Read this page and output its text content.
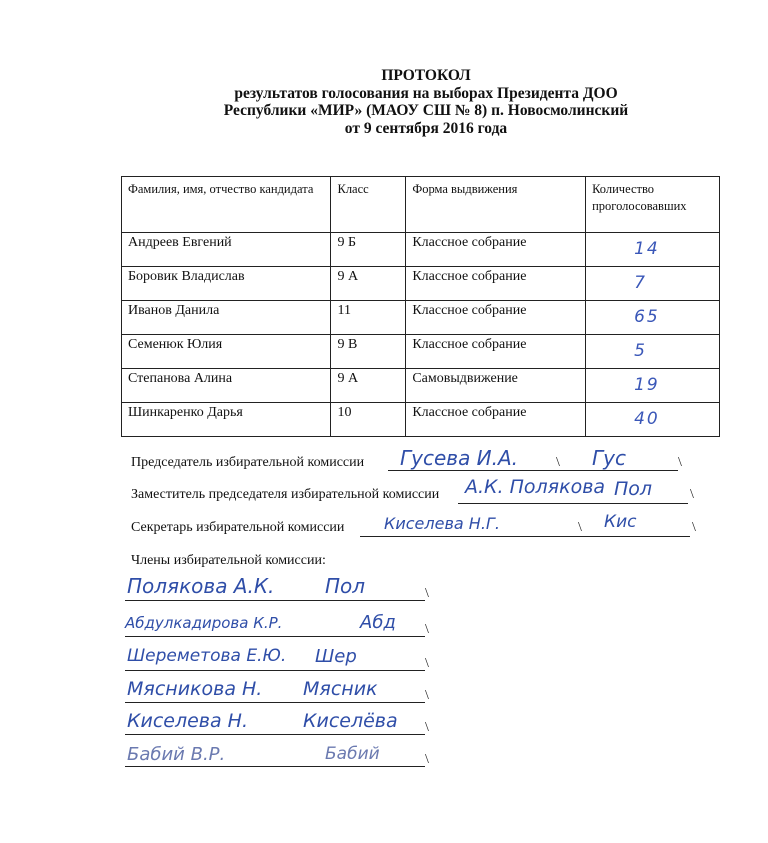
ПРОТОКОЛ
результатов голосования на выборах Президента ДОО
Республики «МИР» (МАОУ СШ № 8) п. Новосмолинский
от 9 сентября 2016 года
Фамилия, имя, отчество кандидата	Класс	Форма выдвижения	Количество проголосовавших
Андреев Евгений	9 Б	Классное собрание	14

Боровик Владислав	9 А	Классное собрание	7

Иванов Данила	11	Классное собрание	65

Семенюк Юлия	9 В	Классное собрание	5

Степанова Алина	9 А	Самовыдвижение	19

Шинкаренко Дарья	10	Классное собрание	40
Председатель избирательной комиссии Гусева И.А.	Гус
\	\
Заместитель председателя избирательной комиссии А.К. Полякова Пол	\
Секретарь избирательной комиссии Киселева Н.Г.	Кис
\	\
Члены избирательной комиссии:
Полякова А.К.	Пол	\
Абдулкадирова К.Р.	Абд \
Шереметова Е.Ю. Шер	\
Мясникова Н. Мясник	\
Киселева Н.	Киселёва \
Бабий В.Р.	Бабий	\
